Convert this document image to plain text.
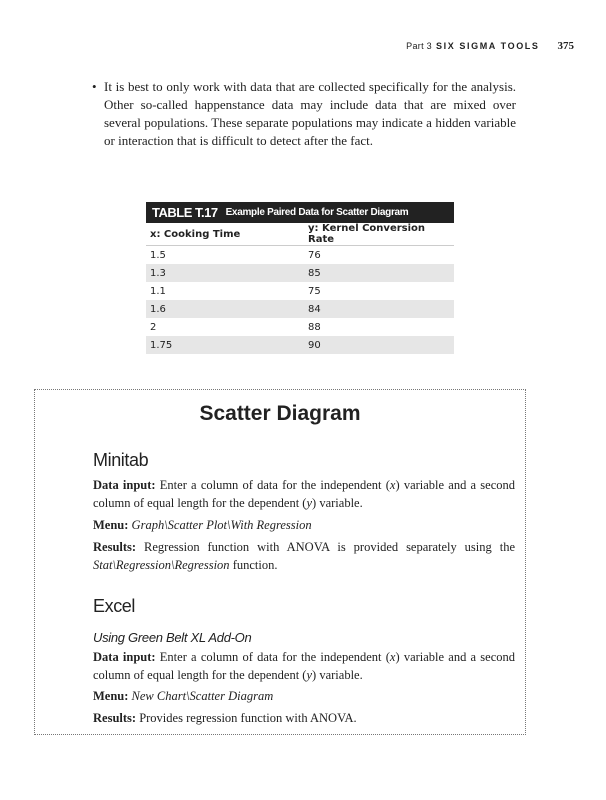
Part 3 SIX SIGMA TOOLS 375
• It is best to only work with data that are collected specifically for the analysis. Other so-called happenstance data may include data that are mixed over several populations. These separate populations may indicate a hidden variable or interaction that is difficult to detect after the fact.

TABLE T.17 Example Paired Data for Scatter Diagram
x: Cooking Time	y: Kernel Conversion Rate
1.5	76
1.3	85
1.1	75
1.6	84
2	88
1.75	90
Scatter Diagram
Minitab
Data input: Enter a column of data for the independent (x) variable and a second column of equal length for the dependent (y) variable.
Menu: Graph\Scatter Plot\With Regression
Results: Regression function with ANOVA is provided separately using the Stat\Regression\Regression function.
Excel
Using Green Belt XL Add-On
Data input: Enter a column of data for the independent (x) variable and a second column of equal length for the dependent (y) variable.
Menu: New Chart\Scatter Diagram
Results: Provides regression function with ANOVA.
